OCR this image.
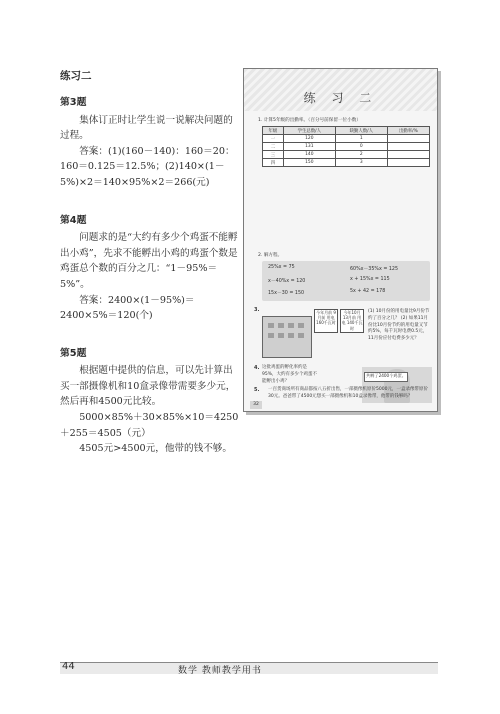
练习二
第3题

集体订正时让学生说一说解决问题的过程。

答案：(1)(160－140)：160＝20：160＝0.125＝12.5%；(2)140×(1－5%)×2＝140×95%×2＝266(元)

第4题

问题求的是“大约有多少个鸡蛋不能孵出小鸡”，先求不能孵出小鸡的鸡蛋个数是鸡蛋总个数的百分之几：“1－95%＝5%”。

答案：2400×(1－95%)＝2400×5%＝120(个)

第5题

根据题中提供的信息，可以先计算出买一部摄像机和10盒录像带需要多少元，然后再和4500元比较。

5000×85%＋30×85%×10＝4250＋255＝4505（元）

4505元>4500元，他带的钱不够。

练 习 二
1. 计算5年级的出勤率。（百分号前保留一位小数）
年级	学生总数/人	缺勤人数/人	出勤率/%
一	120	1	
二	131	0	
三	140	2	
四	150	3	
2. 解方程。
25%x = 75	60%x－35%x = 125
x－40%x = 120	x + 15%x = 115
15x－30 = 150	5x + 42 = 178
3.	今年月前 9月前 用电 160千瓦时
今年10月 13月前 用电 140千瓦时
(1) 10月份的用电量比9月份节约了百分之几？ (2) 如果11月份比10月份节约的用电量又节约5%，每千瓦时电费0.5元，11月份应付电费多少元？
4. 这批鸡蛋的孵化率约是95%，大约有多少个鸡蛋不能孵出小鸡？
共孵了2400个鸡蛋。
32
5. 一百货商场所有商品都按八五折出售，一部摄像机原价5000元，一盒录像带原价30元。爸爸带了4500元想买一部摄像机和10盒录像带，他带的钱够吗？
44	数学 教师教学用书
